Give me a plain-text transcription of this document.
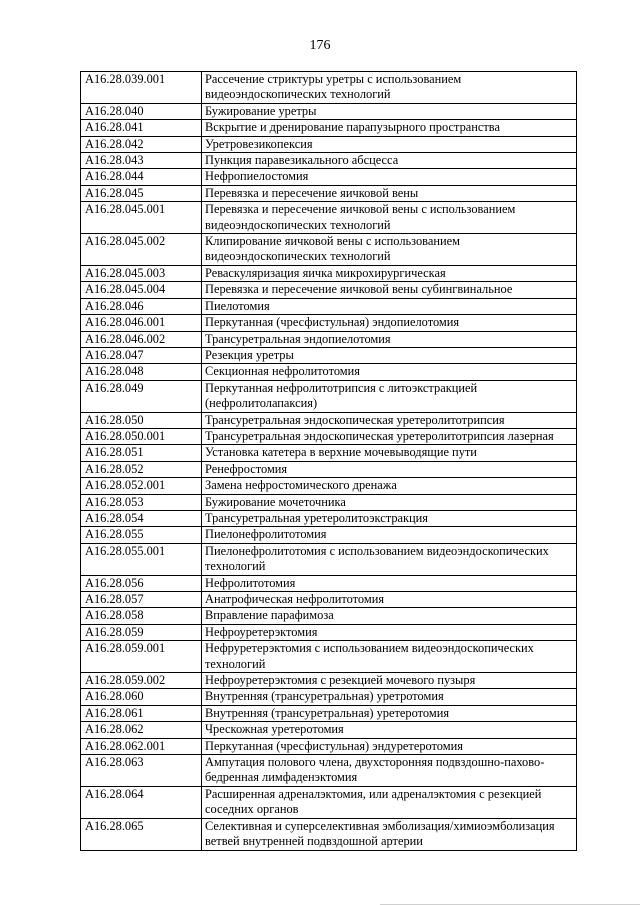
176
A16.28.039.001	Рассечение стриктуры уретры с использованием видеоэндоскопических технологий
A16.28.040	Бужирование уретры
A16.28.041	Вскрытие и дренирование парапузырного пространства
A16.28.042	Уретровезикопексия
A16.28.043	Пункция паравезикального абсцесса
A16.28.044	Нефропиелостомия
A16.28.045	Перевязка и пересечение яичковой вены
A16.28.045.001	Перевязка и пересечение яичковой вены с использованием видеоэндоскопических технологий
A16.28.045.002	Клипирование яичковой вены с использованием видеоэндоскопических технологий
A16.28.045.003	Реваскуляризация яичка микрохирургическая
A16.28.045.004	Перевязка и пересечение яичковой вены субингвинальное
A16.28.046	Пиелотомия
A16.28.046.001	Перкутанная (чресфистульная) эндопиелотомия
A16.28.046.002	Трансуретральная эндопиелотомия
A16.28.047	Резекция уретры
A16.28.048	Секционная нефролитотомия
A16.28.049	Перкутанная нефролитотрипсия с литоэкстракцией (нефролитолапаксия)
A16.28.050	Трансуретральная эндоскопическая уретеролитотрипсия
A16.28.050.001	Трансуретральная эндоскопическая уретеролитотрипсия лазерная
A16.28.051	Установка катетера в верхние мочевыводящие пути
A16.28.052	Ренефростомия
A16.28.052.001	Замена нефростомического дренажа
A16.28.053	Бужирование мочеточника
A16.28.054	Трансуретральная уретеролитоэкстракция
A16.28.055	Пиелонефролитотомия
A16.28.055.001	Пиелонефролитотомия с использованием видеоэндоскопических технологий
A16.28.056	Нефролитотомия
A16.28.057	Анатрофическая нефролитотомия
A16.28.058	Вправление парафимоза
A16.28.059	Нефроуретерэктомия
A16.28.059.001	Нефруретерэктомия с использованием видеоэндоскопических технологий
A16.28.059.002	Нефроуретерэктомия с резекцией мочевого пузыря
A16.28.060	Внутренняя (трансуретральная) уретротомия
A16.28.061	Внутренняя (трансуретральная) уретеротомия
A16.28.062	Чрескожная уретеротомия
A16.28.062.001	Перкутанная (чресфистульная) эндуретеротомия
A16.28.063	Ампутация полового члена, двухсторонняя подвздошно-пахово-бедренная лимфаденэктомия
A16.28.064	Расширенная адреналэктомия, или адреналэктомия с резекцией соседних органов
A16.28.065	Селективная и суперселективная эмболизация/химиоэмболизация ветвей внутренней подвздошной артерии
